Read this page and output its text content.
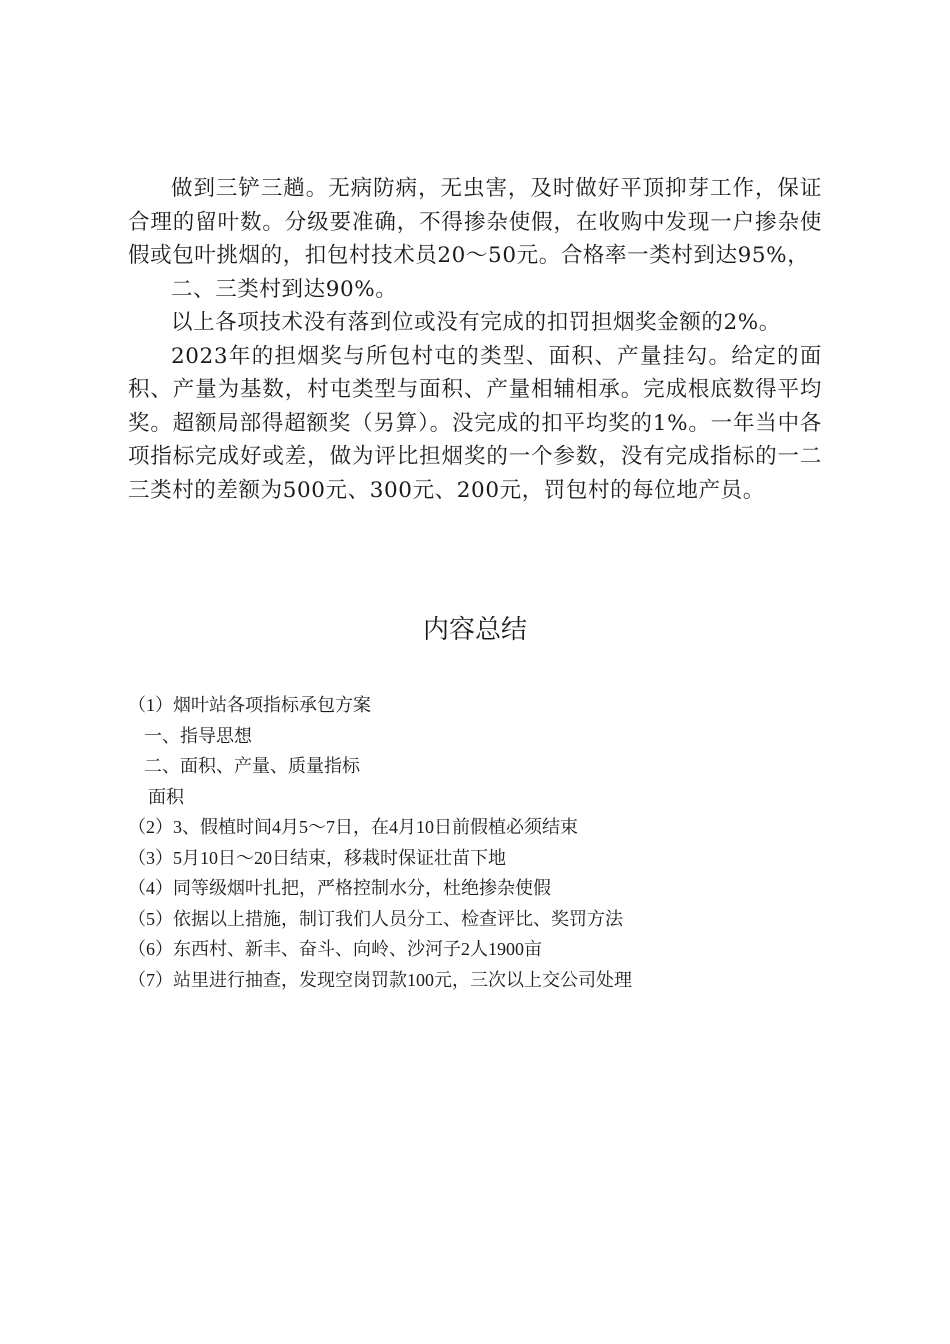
做到三铲三趟。无病防病，无虫害，及时做好平顶抑芽工作，保证合理的留叶数。分级要准确，不得掺杂使假，在收购中发现一户掺杂使假或包叶挑烟的，扣包村技术员20～50元。合格率一类村到达95%，

二、三类村到达90%。

以上各项技术没有落到位或没有完成的扣罚担烟奖金额的2%。

2023年的担烟奖与所包村屯的类型、面积、产量挂勾。给定的面积、产量为基数，村屯类型与面积、产量相辅相承。完成根底数得平均奖。超额局部得超额奖（另算）。没完成的扣平均奖的1%。一年当中各项指标完成好或差，做为评比担烟奖的一个参数，没有完成指标的一二三类村的差额为500元、300元、200元，罚包村的每位地产员。

内容总结
（1）烟叶站各项指标承包方案
一、指导思想
二、面积、产量、质量指标
面积
（2）3、假植时间4月5～7日，在4月10日前假植必须结束
（3）5月10日～20日结束，移栽时保证壮苗下地
（4）同等级烟叶扎把，严格控制水分，杜绝掺杂使假
（5）依据以上措施，制订我们人员分工、检查评比、奖罚方法
（6）东西村、新丰、奋斗、向岭、沙河子2人1900亩
（7）站里进行抽查，发现空岗罚款100元，三次以上交公司处理
